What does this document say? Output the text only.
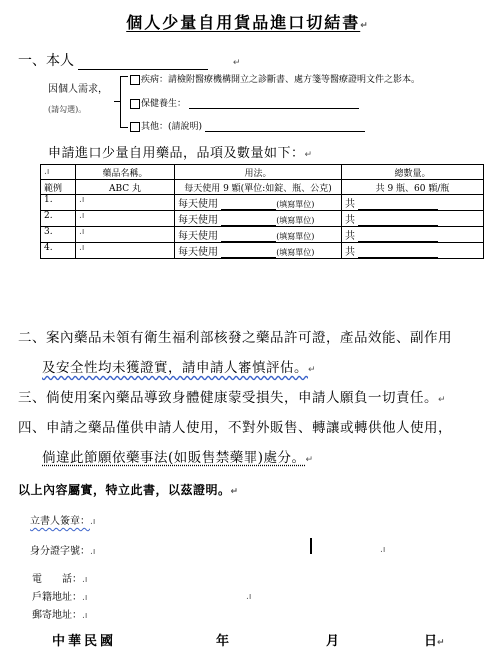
個人少量自用貨品進口切結書↵
一、本人	↵
因個人需求，
(請勾選)。
疾病：請檢附醫療機構開立之診斷書、處方箋等醫療證明文件之影本。
保健養生：
其他：(請說明)
申請進口少量自用藥品，品項及數量如下：↵
.ı	藥品名稱。	用法。	總數量。
範例	ABC 丸	每天使用 9 顆(單位:如錠、瓶、公克)	共 9 瓶、60 顆/瓶
1.	.ı	每天使用 (填寫單位)	共
2.	.ı	每天使用 (填寫單位)	共
3.	.ı	每天使用 (填寫單位)	共
4.	.ı	每天使用 (填寫單位)	共
二、案內藥品未領有衛生福利部核發之藥品許可證，產品效能、副作用
及安全性均未獲證實，請申請人審慎評估。↵
三、倘使用案內藥品導致身體健康蒙受損失，申請人願負一切責任。↵
四、申請之藥品僅供申請人使用，不對外販售、轉讓或轉供他人使用，
倘違此節願依藥事法(如販售禁藥罪)處分。↵
以上內容屬實，特立此書，以茲證明。↵
立書人簽章：.ı
身分證字號：.ı	.ı
電　　話：.ı
戶籍地址：.ı	.ı
郵寄地址：.ı
中華民國	年	月	日↵
